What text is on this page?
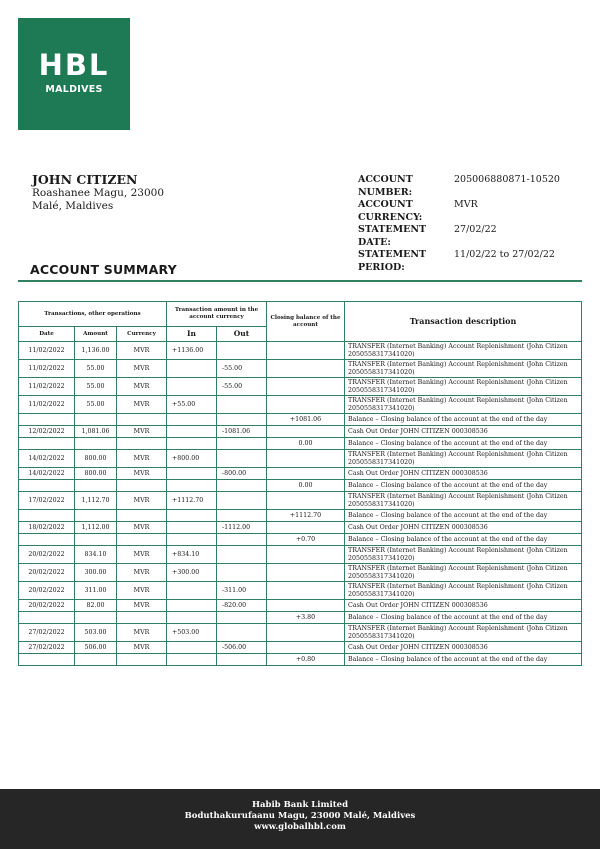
HBL
MALDIVES
JOHN CITIZEN
Roashanee Magu, 23000
Malé, Maldives
ACCOUNT NUMBER:
205006880871-10520
ACCOUNT CURRENCY:
MVR
STATEMENT DATE:
27/02/22
STATEMENT PERIOD:
11/02/22 to 27/02/22
ACCOUNT SUMMARY
Transactions, other operations			Transaction amount in the account currency		Closing balance of the account	Transaction description
Date	Amount	Currency	In	Out		
11/02/2022	1,136.00	MVR	+1136.00			TRANSFER (Internet Banking) Account Replenishment (John Citizen 2050558317341020)
11/02/2022	55.00	MVR		-55.00		TRANSFER (Internet Banking) Account Replenishment (John Citizen 2050558317341020)
11/02/2022	55.00	MVR		-55.00		TRANSFER (Internet Banking) Account Replenishment (John Citizen 2050558317341020)
11/02/2022	55.00	MVR	+55.00			TRANSFER (Internet Banking) Account Replenishment (John Citizen 2050558317341020)
					+1081.06	Balance – Closing balance of the account at the end of the day
12/02/2022	1,081.06	MVR		-1081.06		Cash Out Order JOHN CITIZEN 000308536
					0.00	Balance – Closing balance of the account at the end of the day
14/02/2022	800.00	MVR	+800.00			TRANSFER (Internet Banking) Account Replenishment (John Citizen 2050558317341020)
14/02/2022	800.00	MVR		-800.00		Cash Out Order JOHN CITIZEN 000308536
					0.00	Balance – Closing balance of the account at the end of the day
17/02/2022	1,112.70	MVR	+1112.70			TRANSFER (Internet Banking) Account Replenishment (John Citizen 2050558317341020)
					+1112.70	Balance – Closing balance of the account at the end of the day
18/02/2022	1,112.00	MVR		-1112.00		Cash Out Order JOHN CITIZEN 000308536
					+0.70	Balance – Closing balance of the account at the end of the day
20/02/2022	834.10	MVR	+834.10			TRANSFER (Internet Banking) Account Replenishment (John Citizen 2050558317341020)
20/02/2022	300.00	MVR	+300.00			TRANSFER (Internet Banking) Account Replenishment (John Citizen 2050558317341020)
20/02/2022	311.00	MVR		-311.00		TRANSFER (Internet Banking) Account Replenishment (John Citizen 2050558317341020)
20/02/2022	82.00	MVR		-820.00		Cash Out Order JOHN CITIZEN 000308536
					+3.80	Balance – Closing balance of the account at the end of the day
27/02/2022	503.00	MVR	+503.00			TRANSFER (Internet Banking) Account Replenishment (John Citizen 2050558317341020)
27/02/2022	506.00	MVR		-506.00		Cash Out Order JOHN CITIZEN 000308536
					+0.80	Balance – Closing balance of the account at the end of the day
Habib Bank Limited
Boduthakurufaanu Magu, 23000 Malé, Maldives
www.globalhbl.com
